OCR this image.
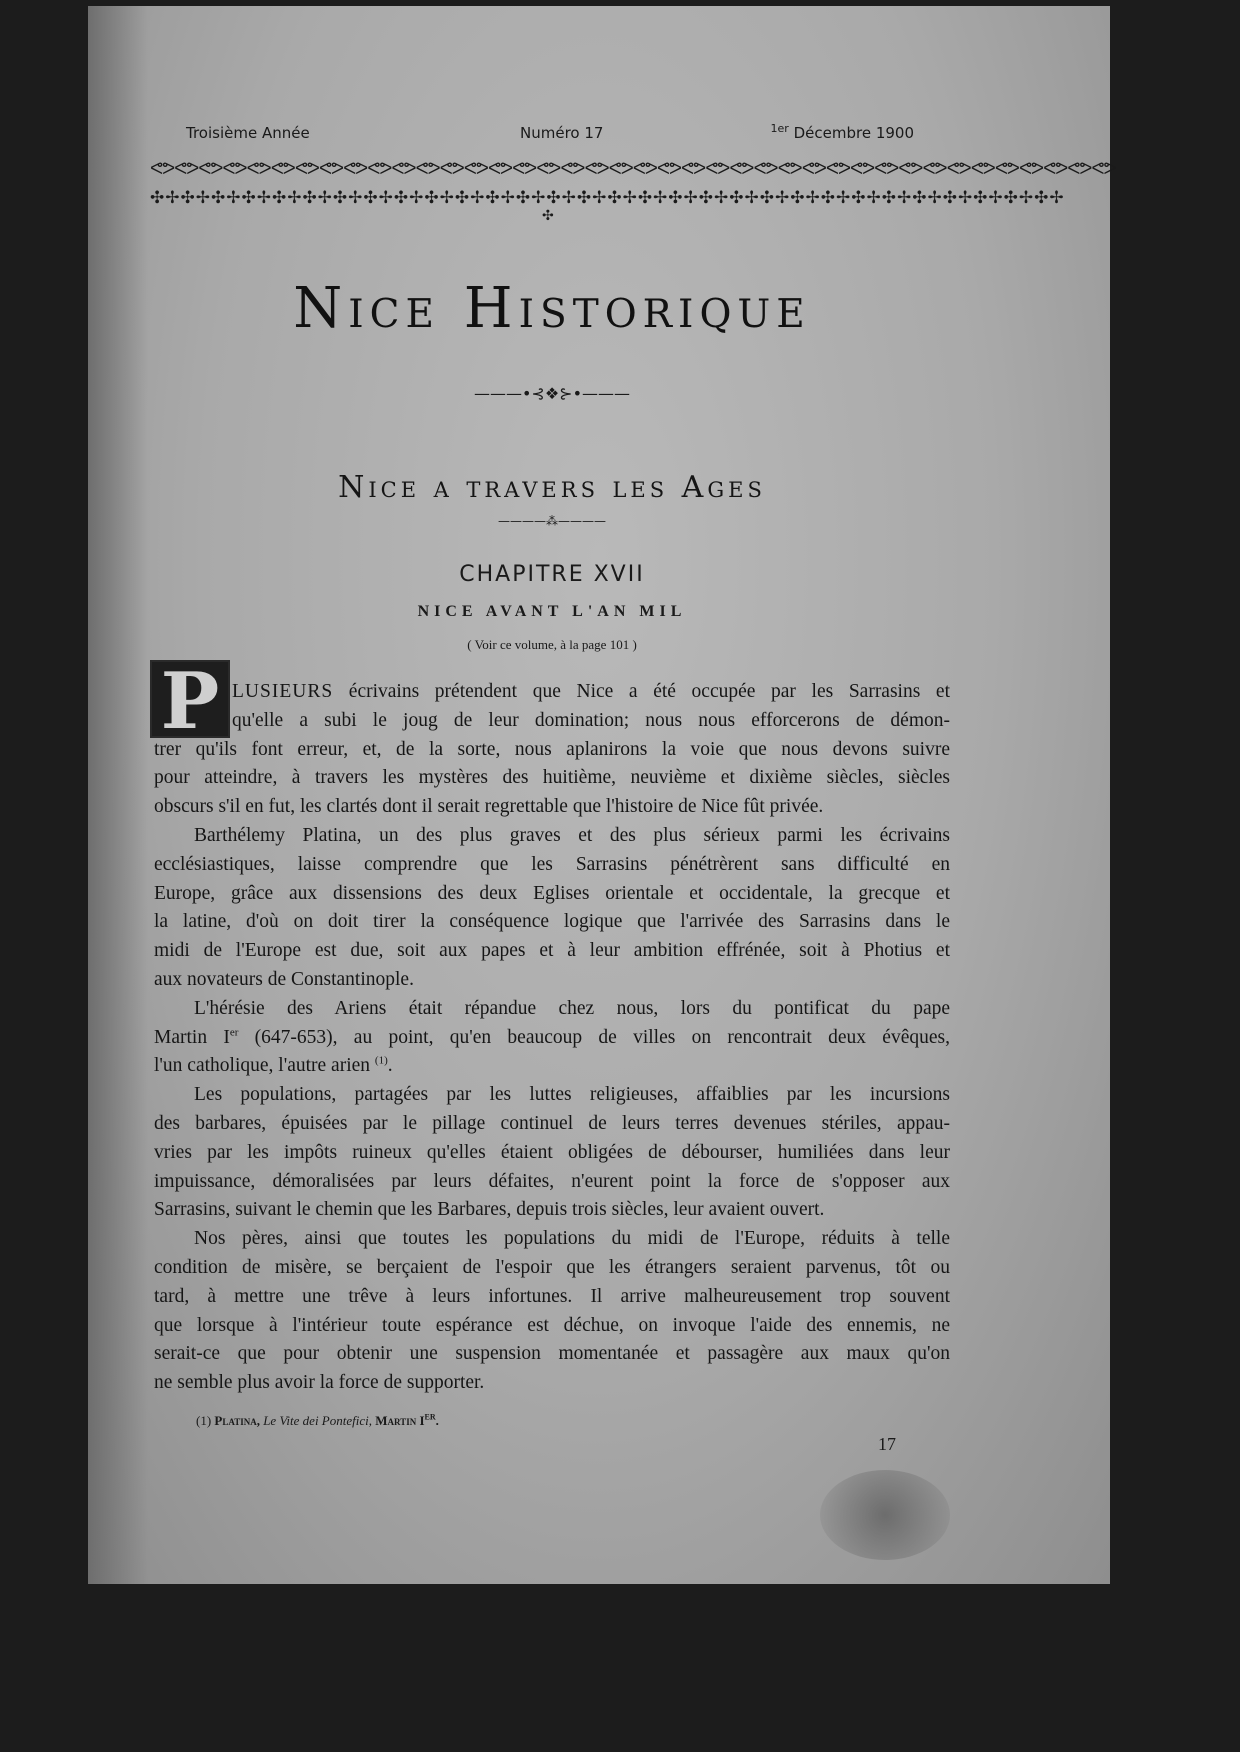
Troisième Année	Numéro 17	$^{1er}$ Décembre 1900
ᕙᕗᕙᕗᕙᕗᕙᕗᕙᕗᕙᕗᕙᕗᕙᕗᕙᕗᕙᕗᕙᕗᕙᕗᕙᕗᕙᕗᕙᕗᕙᕗᕙᕗᕙᕗᕙᕗᕙᕗᕙᕗᕙᕗᕙᕗᕙᕗᕙᕗᕙᕗᕙᕗᕙᕗᕙᕗᕙᕗᕙᕗᕙᕗᕙᕗᕙᕗᕙᕗᕙᕗᕙᕗᕙᕗᕙᕗᕙᕗ
✣✢✣✢✣✢✣✢✣✢✣✢✣✢✣✢✣✢✣✢✣✢✣✢✣✢✣✢✣✢✣✢✣✢✣✢✣✢✣✢✣✢✣✢✣✢✣✢✣✢✣✢✣✢✣✢✣✢✣✢
✣
Nice Historique
———•⊰❖⊱•———
Nice a travers les Ages
————⁂————
CHAPITRE XVII
NICE AVANT L'AN MIL
( Voir ce volume, à la page 101 )
P LUSIEURS écrivains prétendent que Nice a été occupée par les Sarrasins et
qu'elle a subi le joug de leur domination; nous nous efforcerons de démon-
trer qu'ils font erreur, et, de la sorte, nous aplanirons la voie que nous devons suivre
pour atteindre, à travers les mystères des huitième, neuvième et dixième siècles, siècles
obscurs s'il en fut, les clartés dont il serait regrettable que l'histoire de Nice fût privée.
Barthélemy Platina, un des plus graves et des plus sérieux parmi les écrivains
ecclésiastiques, laisse comprendre que les Sarrasins pénétrèrent sans difficulté en
Europe, grâce aux dissensions des deux Eglises orientale et occidentale, la grecque et
la latine, d'où on doit tirer la conséquence logique que l'arrivée des Sarrasins dans le
midi de l'Europe est due, soit aux papes et à leur ambition effrénée, soit à Photius et
aux novateurs de Constantinople.
L'hérésie des Ariens était répandue chez nous, lors du pontificat du pape
Martin Ier (647-653), au point, qu'en beaucoup de villes on rencontrait deux évêques,
l'un catholique, l'autre arien $^{(1)}$.
Les populations, partagées par les luttes religieuses, affaiblies par les incursions
des barbares, épuisées par le pillage continuel de leurs terres devenues stériles, appau-
vries par les impôts ruineux qu'elles étaient obligées de débourser, humiliées dans leur
impuissance, démoralisées par leurs défaites, n'eurent point la force de s'opposer aux
Sarrasins, suivant le chemin que les Barbares, depuis trois siècles, leur avaient ouvert.
Nos pères, ainsi que toutes les populations du midi de l'Europe, réduits à telle
condition de misère, se berçaient de l'espoir que les étrangers seraient parvenus, tôt ou
tard, à mettre une trêve à leurs infortunes. Il arrive malheureusement trop souvent
que lorsque à l'intérieur toute espérance est déchue, on invoque l'aide des ennemis, ne
serait-ce que pour obtenir une suspension momentanée et passagère aux maux qu'on
ne semble plus avoir la force de supporter.
(1) Platina, Le Vite dei Pontefici, Martin Ier.
17
